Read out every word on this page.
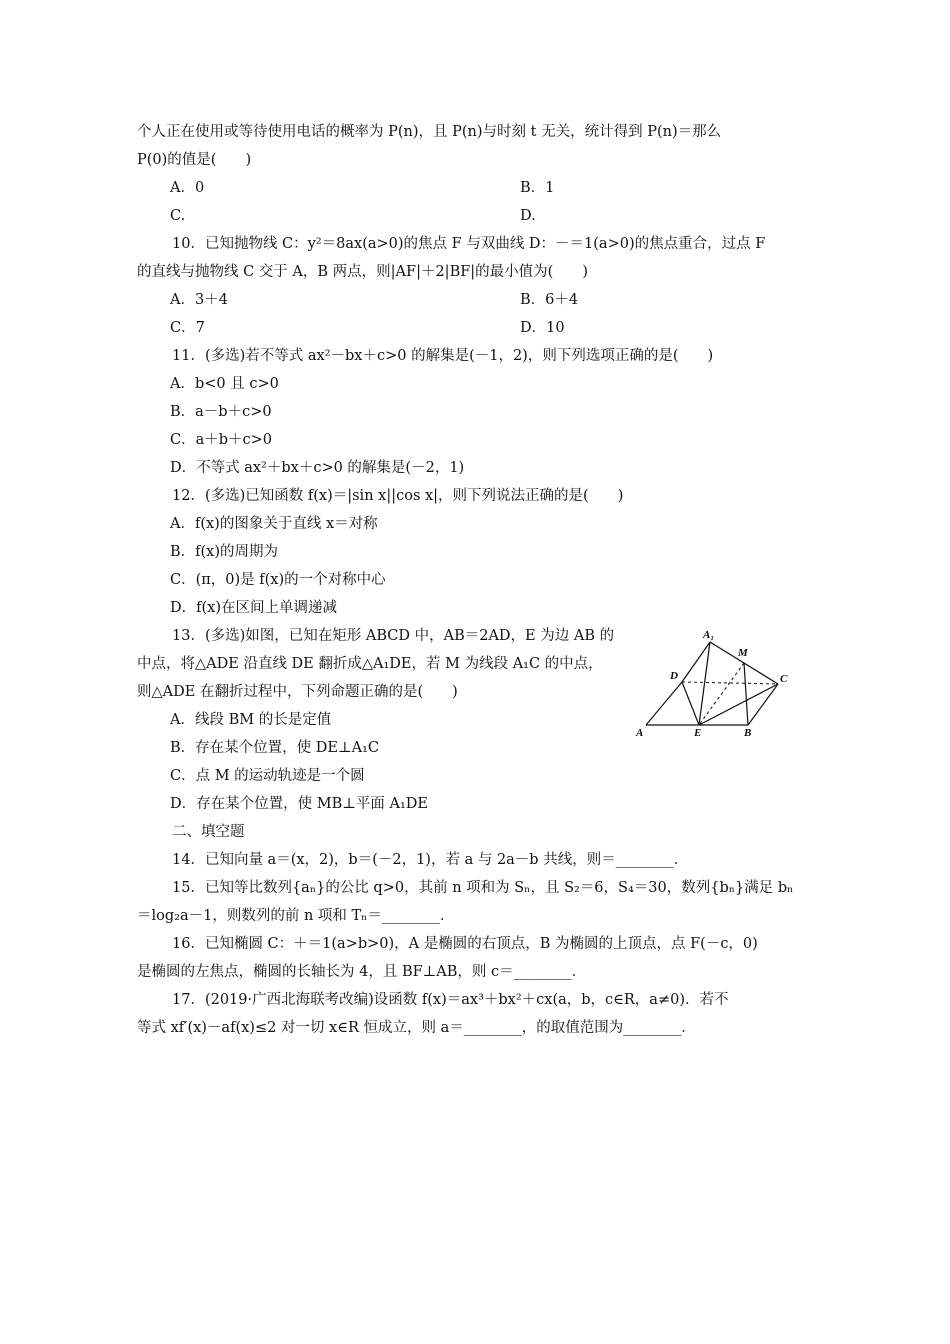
个人正在使用或等待使用电话的概率为 P(n)，且 P(n)与时刻 t 无关，统计得到 P(n)＝那么
P(0)的值是(　　)
A．0	B．1
C.	D.
10．已知抛物线 C：y²＝8ax(a>0)的焦点 F 与双曲线 D：－＝1(a>0)的焦点重合，过点 F
的直线与抛物线 C 交于 A，B 两点，则|AF|＋2|BF|的最小值为(　　)
A．3＋4	B．6＋4
C．7	D．10
11．(多选)若不等式 ax²－bx＋c>0 的解集是(－1，2)，则下列选项正确的是(　　)
A．b<0 且 c>0
B．a－b＋c>0
C．a＋b＋c>0
D．不等式 ax²＋bx＋c>0 的解集是(－2，1)
12．(多选)已知函数 f(x)＝|sin x||cos x|，则下列说法正确的是(　　)
A．f(x)的图象关于直线 x＝对称
B．f(x)的周期为
C．(π，0)是 f(x)的一个对称中心
D．f(x)在区间上单调递减
13．(多选)如图，已知在矩形 ABCD 中，AB＝2AD，E 为边 AB 的
中点，将△ADE 沿直线 DE 翻折成△A₁DE，若 M 为线段 A₁C 的中点，
则△ADE 在翻折过程中，下列命题正确的是(　　)
A．线段 BM 的长是定值
B．存在某个位置，使 DE⊥A₁C
C．点 M 的运动轨迹是一个圆
D．存在某个位置，使 MB⊥平面 A₁DE
A₁
M
D	C
A	E	B
二、填空题
14．已知向量 a＝(x，2)，b＝(－2，1)，若 a 与 2a－b 共线，则＝________．
15．已知等比数列{aₙ}的公比 q>0，其前 n 项和为 Sₙ，且 S₂＝6，S₄＝30，数列{bₙ}满足 bₙ
＝log₂a－1，则数列的前 n 项和 Tₙ＝________．
16．已知椭圆 C：＋＝1(a>b>0)，A 是椭圆的右顶点，B 为椭圆的上顶点，点 F(－c，0)
是椭圆的左焦点，椭圆的长轴长为 4，且 BF⊥AB，则 c＝________．
17．(2019·广西北海联考改编)设函数 f(x)＝ax³＋bx²＋cx(a，b，c∈R，a≠0)．若不
等式 xf′(x)－af(x)≤2 对一切 x∈R 恒成立，则 a＝________，的取值范围为________．
